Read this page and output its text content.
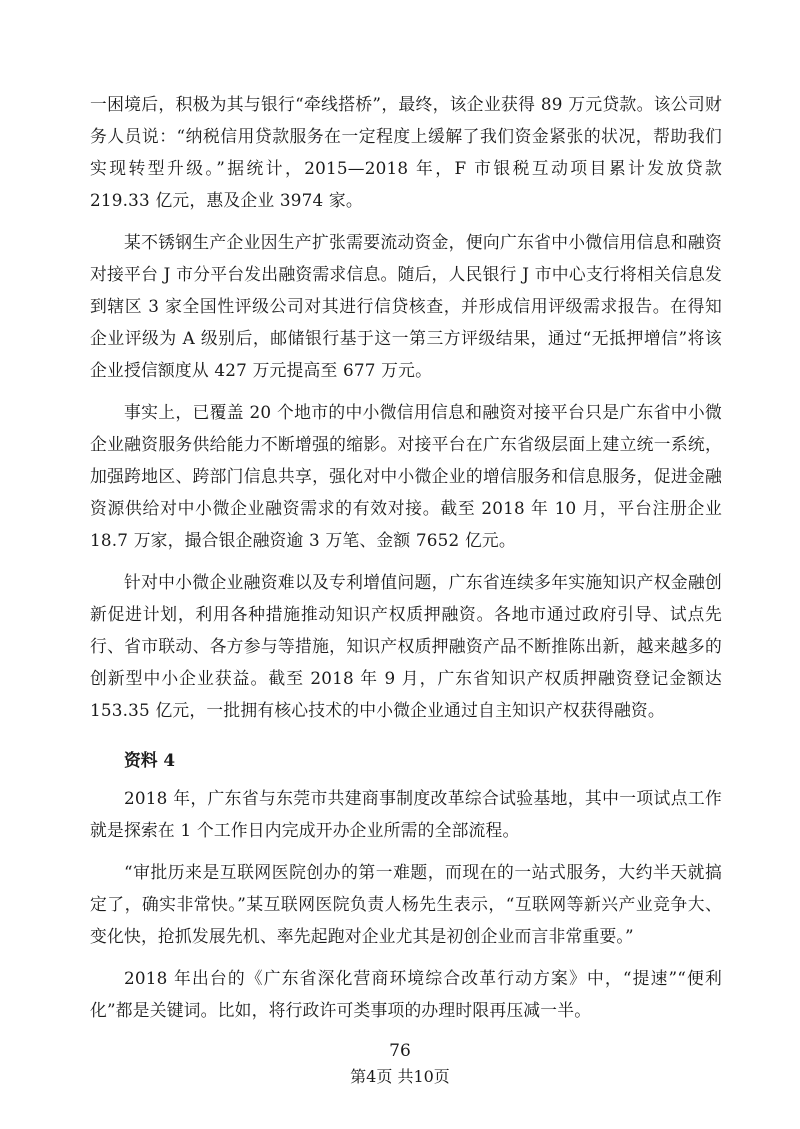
一困境后，积极为其与银行“牵线搭桥”，最终，该企业获得 89 万元贷款。该公司财务人员说：“纳税信用贷款服务在一定程度上缓解了我们资金紧张的状况，帮助我们实现转型升级。”据统计，2015—2018 年，F 市银税互动项目累计发放贷款 219.33 亿元，惠及企业 3974 家。

某不锈钢生产企业因生产扩张需要流动资金，便向广东省中小微信用信息和融资对接平台 J 市分平台发出融资需求信息。随后，人民银行 J 市中心支行将相关信息发到辖区 3 家全国性评级公司对其进行信贷核查，并形成信用评级需求报告。在得知企业评级为 A 级别后，邮储银行基于这一第三方评级结果，通过“无抵押增信”将该企业授信额度从 427 万元提高至 677 万元。

事实上，已覆盖 20 个地市的中小微信用信息和融资对接平台只是广东省中小微企业融资服务供给能力不断增强的缩影。对接平台在广东省级层面上建立统一系统，加强跨地区、跨部门信息共享，强化对中小微企业的增信服务和信息服务，促进金融资源供给对中小微企业融资需求的有效对接。截至 2018 年 10 月，平台注册企业 18.7 万家，撮合银企融资逾 3 万笔、金额 7652 亿元。

针对中小微企业融资难以及专利增值问题，广东省连续多年实施知识产权金融创新促进计划，利用各种措施推动知识产权质押融资。各地市通过政府引导、试点先行、省市联动、各方参与等措施，知识产权质押融资产品不断推陈出新，越来越多的创新型中小企业获益。截至 2018 年 9 月，广东省知识产权质押融资登记金额达 153.35 亿元，一批拥有核心技术的中小微企业通过自主知识产权获得融资。

资料 4

2018 年，广东省与东莞市共建商事制度改革综合试验基地，其中一项试点工作就是探索在 1 个工作日内完成开办企业所需的全部流程。

“审批历来是互联网医院创办的第一难题，而现在的一站式服务，大约半天就搞定了，确实非常快。”某互联网医院负责人杨先生表示，“互联网等新兴产业竞争大、变化快，抢抓发展先机、率先起跑对企业尤其是初创企业而言非常重要。”

2018 年出台的《广东省深化营商环境综合改革行动方案》中，“提速”“便利化”都是关键词。比如，将行政许可类事项的办理时限再压减一半。

76
第4页 共10页
